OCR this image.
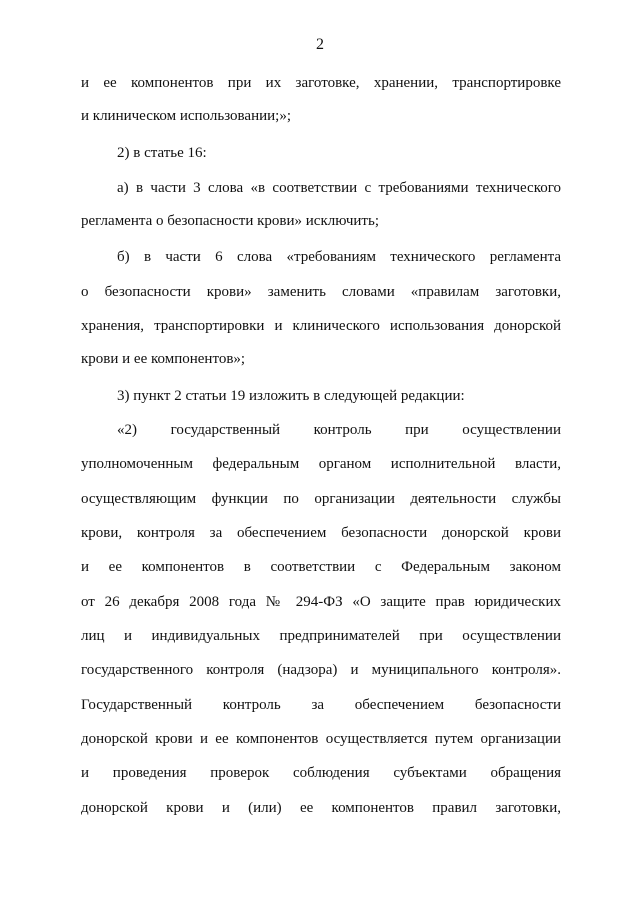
2
и ее компонентов при их заготовке, хранении, транспортировке
и клиническом использовании;»;
2) в статье 16:
а) в части 3 слова «в соответствии с требованиями технического
регламента о безопасности крови» исключить;
б) в части 6 слова «требованиям технического регламента
о безопасности крови» заменить словами «правилам заготовки,
хранения, транспортировки и клинического использования донорской
крови и ее компонентов»;
3) пункт 2 статьи 19 изложить в следующей редакции:
«2) государственный контроль при осуществлении
уполномоченным федеральным органом исполнительной власти,
осуществляющим функции по организации деятельности службы
крови, контроля за обеспечением безопасности донорской крови
и ее компонентов в соответствии с Федеральным законом
от 26 декабря 2008 года № 294-ФЗ «О защите прав юридических
лиц и индивидуальных предпринимателей при осуществлении
государственного контроля (надзора) и муниципального контроля».
Государственный контроль за обеспечением безопасности
донорской крови и ее компонентов осуществляется путем организации
и проведения проверок соблюдения субъектами обращения
донорской крови и (или) ее компонентов правил заготовки,
